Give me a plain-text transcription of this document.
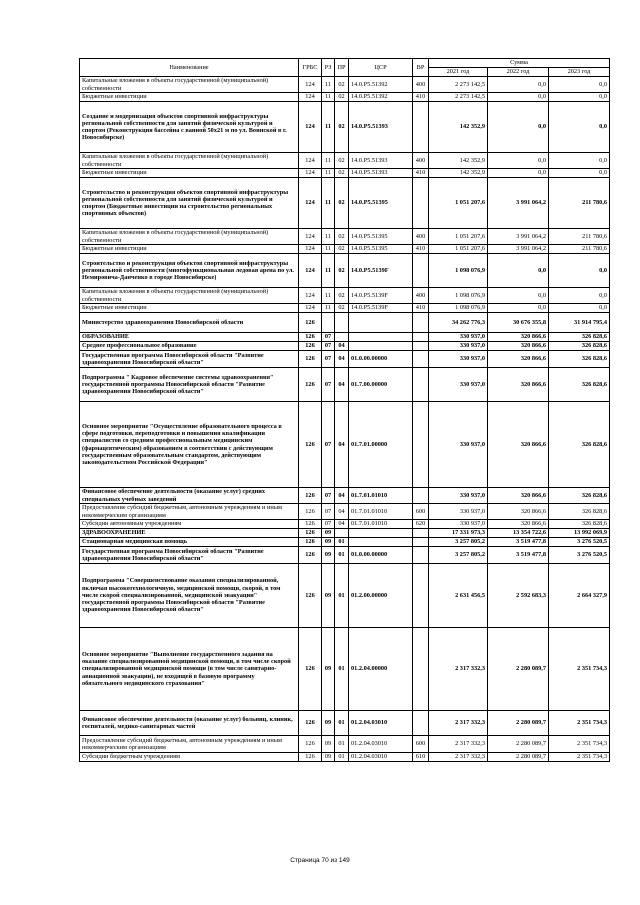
Наименование	ГРБС	РЗ	ПР	ЦСР	ВР	Сумма		
						2021 год	2022 год	2023 год
Капитальные вложения в объекты государственной (муниципальной) собственности	124	11	02	14.0.P5.51392	400	2 273 142,5	0,0	0,0
Бюджетные инвестиции	124	11	02	14.0.P5.51392	410	2 273 142,5	0,0	0,0
Создание и модернизация объектов спортивной инфраструктуры региональной собственности для занятий физической культурой и спортом (Реконструкция бассейна с ванной 50х21 м по ул. Воинской в г. Новосибирске)	124	11	02	14.0.P5.51393		142 352,9	0,0	0,0
Капитальные вложения в объекты государственной (муниципальной) собственности	124	11	02	14.0.P5.51393	400	142 352,9	0,0	0,0
Бюджетные инвестиции	124	11	02	14.0.P5.51393	410	142 352,9	0,0	0,0
Строительство и реконструкция объектов спортивной инфраструктуры региональной собственности для занятий физической культурой и спортом (Бюджетные инвестиции на строительство региональных спортивных объектов)	124	11	02	14.0.P5.51395		1 051 207,6	3 991 064,2	211 780,6
Капитальные вложения в объекты государственной (муниципальной) собственности	124	11	02	14.0.P5.51395	400	1 051 207,6	3 991 064,2	211 780,6
Бюджетные инвестиции	124	11	02	14.0.P5.51395	410	1 051 207,6	3 991 064,2	211 780,6
Строительство и реконструкция объектов спортивной инфраструктуры региональной собственности (многофункциональная ледовая арена по ул. Немировича-Данченко в городе Новосибирске)	124	11	02	14.0.P5.5139F		1 098 076,9	0,0	0,0
Капитальные вложения в объекты государственной (муниципальной) собственности	124	11	02	14.0.P5.5139F	400	1 098 076,9	0,0	0,0
Бюджетные инвестиции	124	11	02	14.0.P5.5139F	410	1 098 076,9	0,0	0,0
Министерство здравоохранения Новосибирской области	126					34 262 776,3	30 676 355,8	31 914 795,4
ОБРАЗОВАНИЕ	126	07				330 937,0	320 866,6	326 828,6
Среднее профессиональное образование	126	07	04			330 937,0	320 866,6	326 828,6
Государственная программа Новосибирской области "Развитие здравоохранения Новосибирской области"	126	07	04	01.0.00.00000		330 937,0	320 866,6	326 828,6
Подпрограмма " Кадровое обеспечение системы здравоохранения" государственной программы Новосибирской области "Развитие здравоохранения Новосибирской области"	126	07	04	01.7.00.00000		330 937,0	320 866,6	326 828,6
Основное мероприятие "Осуществление образовательного процесса в сфере подготовки, переподготовки и повышения квалификации специалистов со средним профессиональным медицинским (фармацевтическим) образованием в соответствии с действующим государственным образовательным стандартом, действующим законодательством Российской Федерации"	126	07	04	01.7.01.00000		330 937,0	320 866,6	326 828,6
Финансовое обеспечение деятельности (оказание услуг) средних специальных учебных заведений	126	07	04	01.7.01.01010		330 937,0	320 866,6	326 828,6
Предоставление субсидий бюджетным, автономным учреждениям и иным некоммерческим организациям	126	07	04	01.7.01.01010	600	330 937,0	320 866,6	326 828,6
Субсидии автономным учреждениям	126	07	04	01.7.01.01010	620	330 937,0	320 866,6	326 828,6
ЗДРАВООХРАНЕНИЕ	126	09				17 331 973,3	13 354 722,6	13 992 069,9
Стационарная медицинская помощь	126	09	01			3 257 805,2	3 519 477,8	3 276 520,5
Государственная программа Новосибирской области "Развитие здравоохранения Новосибирской области"	126	09	01	01.0.00.00000		3 257 805,2	3 519 477,8	3 276 520,5
Подпрограмма "Совершенствование оказания специализированной, включая высокотехнологичную, медицинской помощи, скорой, в том числе скорой специализированной, медицинской эвакуации" государственной программы Новосибирской области "Развитие здравоохранения Новосибирской области"	126	09	01	01.2.00.00000		2 631 456,5	2 592 683,3	2 664 327,9
Основное мероприятие "Выполнение государственного задания на оказание специализированной медицинской помощи, в том числе скорой специализированной медицинской помощи (в том числе санитарно-авиационной эвакуации), не входящей в базовую программу обязательного медицинского страхования"	126	09	01	01.2.04.00000		2 317 332,3	2 280 089,7	2 351 734,3
Финансовое обеспечение деятельности (оказание услуг) больниц, клиник, госпиталей, медико-санитарных частей	126	09	01	01.2.04.03010		2 317 332,3	2 280 089,7	2 351 734,3
Предоставление субсидий бюджетным, автономным учреждениям и иным некоммерческим организациям	126	09	01	01.2.04.03010	600	2 317 332,3	2 280 089,7	2 351 734,3
Субсидии бюджетным учреждениям	126	09	01	01.2.04.03010	610	2 317 332,3	2 280 089,7	2 351 734,3
Страница 70 из 149
